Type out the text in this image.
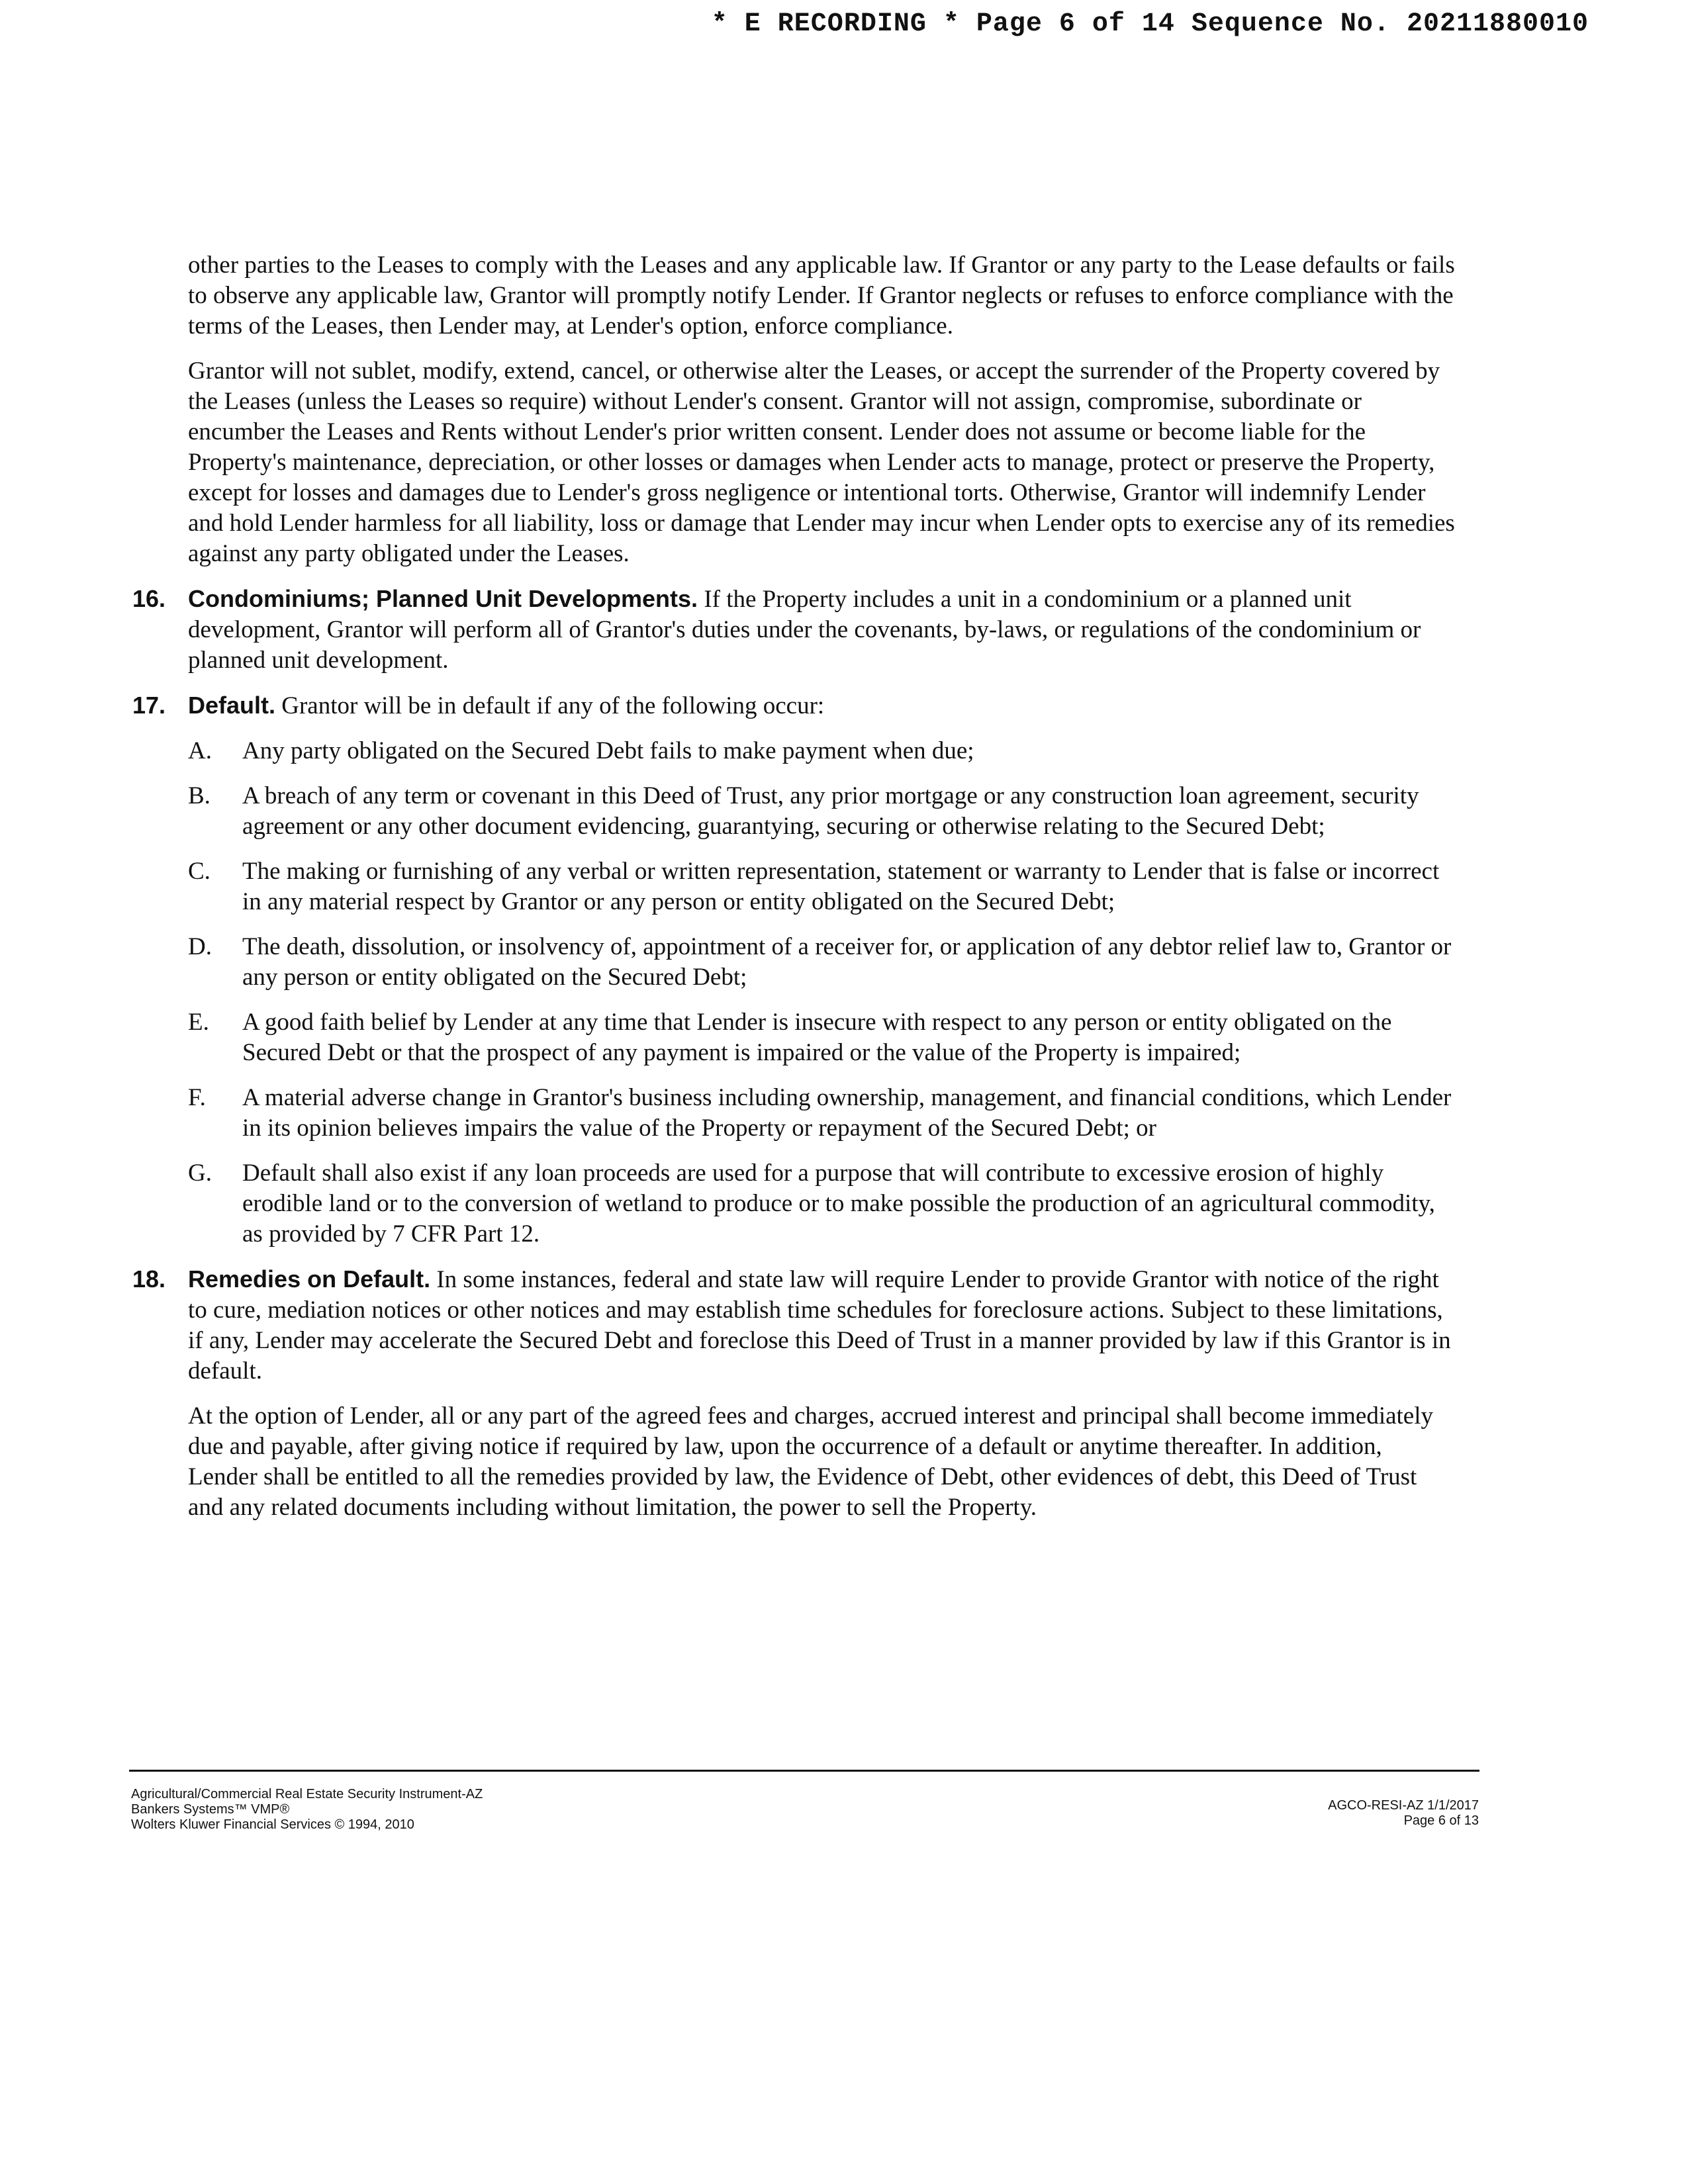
* E RECORDING * Page 6 of 14 Sequence No. 20211880010

other parties to the Leases to comply with the Leases and any applicable law. If Grantor or any party to the Lease defaults or fails to observe any applicable law, Grantor will promptly notify Lender. If Grantor neglects or refuses to enforce compliance with the terms of the Leases, then Lender may, at Lender's option, enforce compliance.

Grantor will not sublet, modify, extend, cancel, or otherwise alter the Leases, or accept the surrender of the Property covered by the Leases (unless the Leases so require) without Lender's consent. Grantor will not assign, compromise, subordinate or encumber the Leases and Rents without Lender's prior written consent. Lender does not assume or become liable for the Property's maintenance, depreciation, or other losses or damages when Lender acts to manage, protect or preserve the Property, except for losses and damages due to Lender's gross negligence or intentional torts. Otherwise, Grantor will indemnify Lender and hold Lender harmless for all liability, loss or damage that Lender may incur when Lender opts to exercise any of its remedies against any party obligated under the Leases.

16. Condominiums; Planned Unit Developments. If the Property includes a unit in a condominium or a planned unit development, Grantor will perform all of Grantor's duties under the covenants, by-laws, or regulations of the condominium or planned unit development.
17. Default. Grantor will be in default if any of the following occur:
A. Any party obligated on the Secured Debt fails to make payment when due;
B. A breach of any term or covenant in this Deed of Trust, any prior mortgage or any construction loan agreement, security agreement or any other document evidencing, guarantying, securing or otherwise relating to the Secured Debt;
C. The making or furnishing of any verbal or written representation, statement or warranty to Lender that is false or incorrect in any material respect by Grantor or any person or entity obligated on the Secured Debt;
D. The death, dissolution, or insolvency of, appointment of a receiver for, or application of any debtor relief law to, Grantor or any person or entity obligated on the Secured Debt;
E. A good faith belief by Lender at any time that Lender is insecure with respect to any person or entity obligated on the Secured Debt or that the prospect of any payment is impaired or the value of the Property is impaired;
F. A material adverse change in Grantor's business including ownership, management, and financial conditions, which Lender in its opinion believes impairs the value of the Property or repayment of the Secured Debt; or
G. Default shall also exist if any loan proceeds are used for a purpose that will contribute to excessive erosion of highly erodible land or to the conversion of wetland to produce or to make possible the production of an agricultural commodity, as provided by 7 CFR Part 12.
18. Remedies on Default. In some instances, federal and state law will require Lender to provide Grantor with notice of the right to cure, mediation notices or other notices and may establish time schedules for foreclosure actions. Subject to these limitations, if any, Lender may accelerate the Secured Debt and foreclose this Deed of Trust in a manner provided by law if this Grantor is in default.
At the option of Lender, all or any part of the agreed fees and charges, accrued interest and principal shall become immediately due and payable, after giving notice if required by law, upon the occurrence of a default or anytime thereafter. In addition, Lender shall be entitled to all the remedies provided by law, the Evidence of Debt, other evidences of debt, this Deed of Trust and any related documents including without limitation, the power to sell the Property.
Agricultural/Commercial Real Estate Security Instrument-AZ
Bankers Systems™ VMP®
Wolters Kluwer Financial Services © 1994, 2010
AGCO-RESI-AZ 1/1/2017
Page 6 of 13
